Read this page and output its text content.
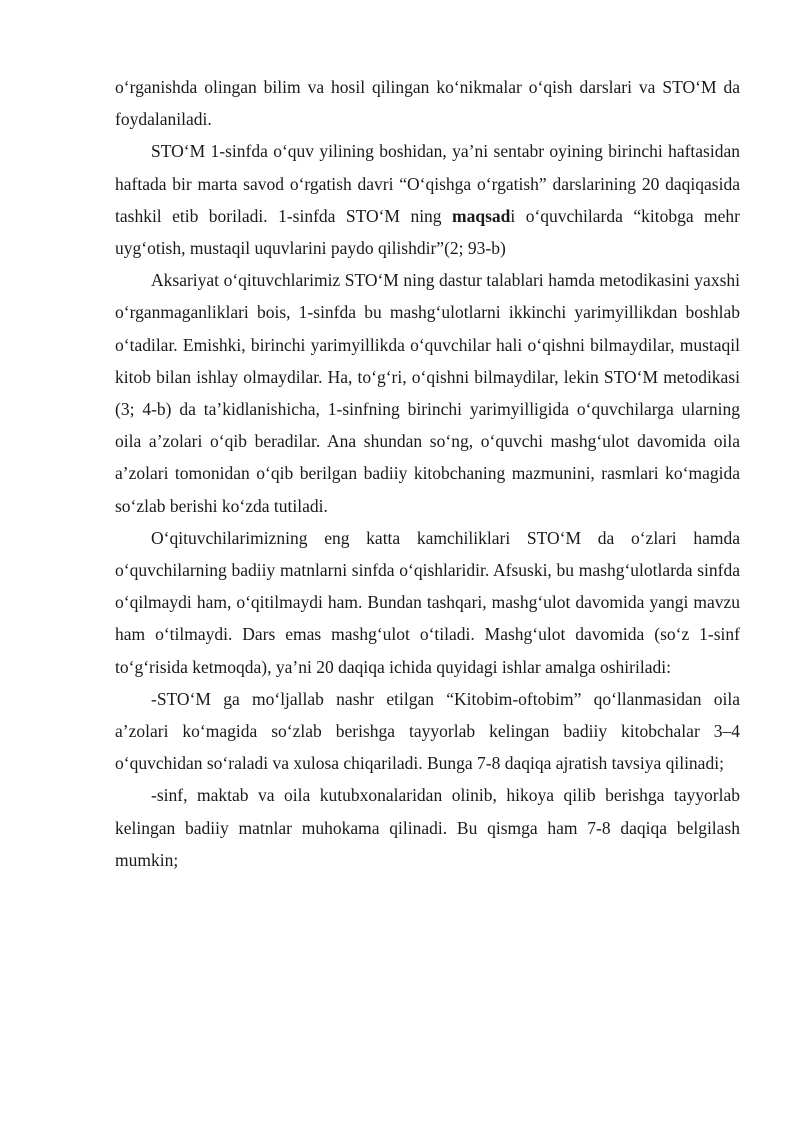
o‘rganishda olingan bilim va hosil qilingan ko‘nikmalar o‘qish darslari va STO‘M da foydalaniladi.

STO‘M 1-sinfda o‘quv yilining boshidan, ya’ni sentabr oyining birinchi haftasidan haftada bir marta savod o‘rgatish davri “O‘qishga o‘rgatish” darslarining 20 daqiqasida tashkil etib boriladi. 1-sinfda STO‘M ning maqsadi o‘quvchilarda “kitobga mehr uyg‘otish, mustaqil uquvlarini paydo qilishdir”(2; 93-b)

Aksariyat o‘qituvchlarimiz STO‘M ning dastur talablari hamda metodikasini yaxshi o‘rganmaganliklari bois, 1-sinfda bu mashg‘ulotlarni ikkinchi yarimyillikdan boshlab o‘tadilar. Emishki, birinchi yarimyillikda o‘quvchilar hali o‘qishni bilmaydilar, mustaqil kitob bilan ishlay olmaydilar. Ha, to‘g‘ri, o‘qishni bilmaydilar, lekin STO‘M metodikasi (3; 4-b) da ta’kidlanishicha, 1-sinfning birinchi yarimyilligida o‘quvchilarga ularning oila a’zolari o‘qib beradilar. Ana shundan so‘ng, o‘quvchi mashg‘ulot davomida oila a’zolari tomonidan o‘qib berilgan badiiy kitobchaning mazmunini, rasmlari ko‘magida so‘zlab berishi ko‘zda tutiladi.

O‘qituvchilarimizning eng katta kamchiliklari STO‘M da o‘zlari hamda o‘quvchilarning badiiy matnlarni sinfda o‘qishlaridir. Afsuski, bu mashg‘ulotlarda sinfda o‘qilmaydi ham, o‘qitilmaydi ham. Bundan tashqari, mashg‘ulot davomida yangi mavzu ham o‘tilmaydi. Dars emas mashg‘ulot o‘tiladi. Mashg‘ulot davomida (so‘z 1-sinf to‘g‘risida ketmoqda), ya’ni 20 daqiqa ichida quyidagi ishlar amalga oshiriladi:

-STO‘M ga mo‘ljallab nashr etilgan “Kitobim-oftobim” qo‘llanmasidan oila a’zolari ko‘magida so‘zlab berishga tayyorlab kelingan badiiy kitobchalar 3–4 o‘quvchidan so‘raladi va xulosa chiqariladi. Bunga 7-8 daqiqa ajratish tavsiya qilinadi;

-sinf, maktab va oila kutubxonalaridan olinib, hikoya qilib berishga tayyorlab kelingan badiiy matnlar muhokama qilinadi. Bu qismga ham 7-8 daqiqa belgilash mumkin;
